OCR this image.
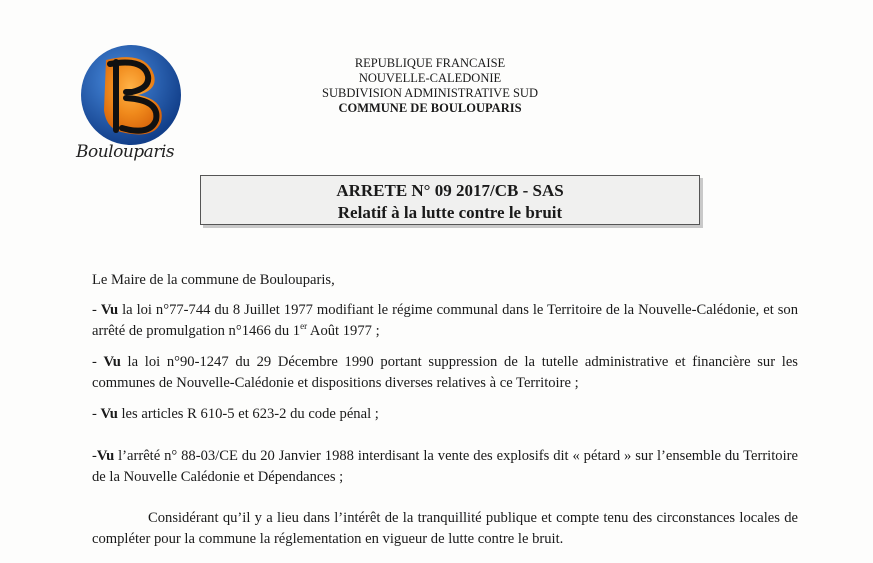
Boulouparis
REPUBLIQUE FRANCAISE
NOUVELLE-CALEDONIE
SUBDIVISION ADMINISTRATIVE SUD
COMMUNE DE BOULOUPARIS
ARRETE N° 09 2017/CB - SAS
Relatif à la lutte contre le bruit

Le Maire de la commune de Boulouparis,

- Vu la loi n°77-744 du 8 Juillet 1977 modifiant le régime communal dans le Territoire de la Nouvelle-Calédonie, et son arrêté de promulgation n°1466 du 1er Août 1977 ;

- Vu la loi n°90-1247 du 29 Décembre 1990 portant suppression de la tutelle administrative et financière sur les communes de Nouvelle-Calédonie et dispositions diverses relatives à ce Territoire ;

- Vu les articles R 610-5 et 623-2 du code pénal ;

-Vu l’arrêté n° 88-03/CE du 20 Janvier 1988 interdisant la vente des explosifs dit « pétard » sur l’ensemble du Territoire de la Nouvelle Calédonie et Dépendances ;

Considérant qu’il y a lieu dans l’intérêt de la tranquillité publique et compte tenu des circonstances locales de compléter pour la commune la réglementation en vigueur de lutte contre le bruit.
